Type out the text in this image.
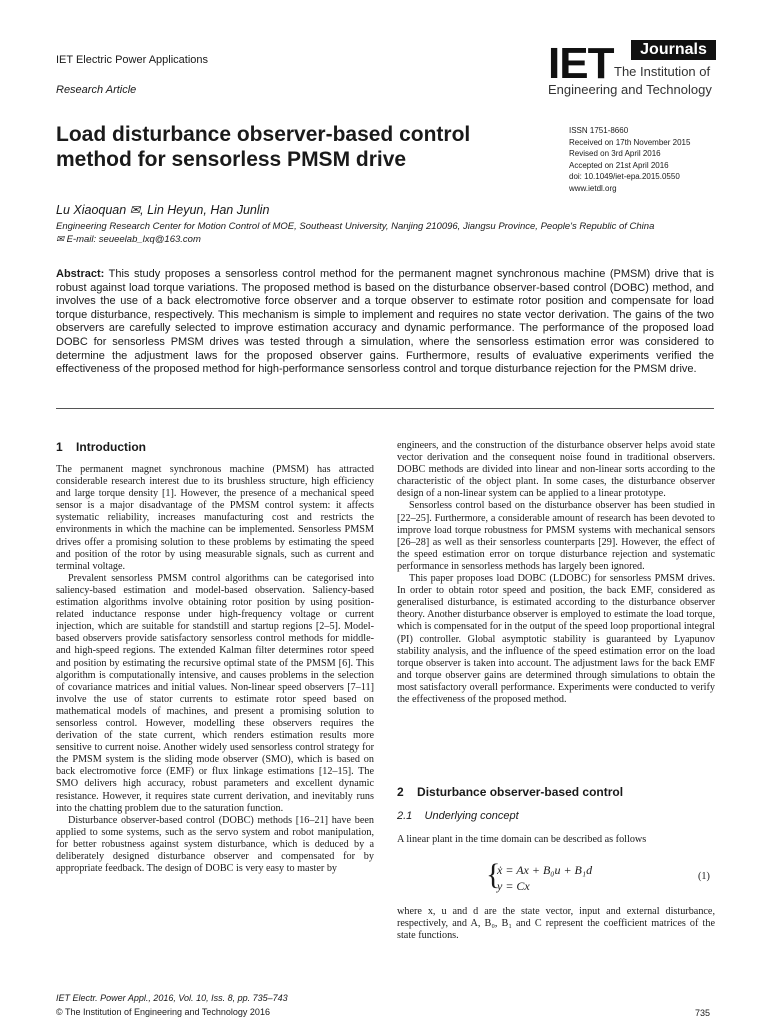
IET Electric Power Applications
Research Article
IET	Journals
The Institution of
Engineering and Technology
Load disturbance observer-based control method for sensorless PMSM drive
ISSN 1751-8660
Received on 17th November 2015
Revised on 3rd April 2016
Accepted on 21st April 2016
doi: 10.1049/iet-epa.2015.0550
www.ietdl.org
Lu Xiaoquan ✉, Lin Heyun, Han Junlin
Engineering Research Center for Motion Control of MOE, Southeast University, Nanjing 210096, Jiangsu Province, People's Republic of China
✉ E-mail: seueelab_lxq@163.com
Abstract: This study proposes a sensorless control method for the permanent magnet synchronous machine (PMSM) drive that is robust against load torque variations. The proposed method is based on the disturbance observer-based control (DOBC) method, and involves the use of a back electromotive force observer and a torque observer to estimate rotor position and compensate for load torque disturbance, respectively. This mechanism is simple to implement and requires no state vector derivation. The gains of the two observers are carefully selected to improve estimation accuracy and dynamic performance. The performance of the proposed load DOBC for sensorless PMSM drives was tested through a simulation, where the sensorless estimation error was considered to determine the adjustment laws for the proposed observer gains. Furthermore, results of evaluative experiments verified the effectiveness of the proposed method for high-performance sensorless control and torque disturbance rejection for the PMSM drive.
1 Introduction

The permanent magnet synchronous machine (PMSM) has attracted considerable research interest due to its brushless structure, high efficiency and large torque density [1]. However, the presence of a mechanical speed sensor is a major disadvantage of the PMSM control system: it affects systematic reliability, increases manufacturing cost and restricts the environments in which the machine can be implemented. Sensorless PMSM drives offer a promising solution to these problems by estimating the speed and position of the rotor by using measurable signals, such as current and terminal voltage.

Prevalent sensorless PMSM control algorithms can be categorised into saliency-based estimation and model-based observation. Saliency-based estimation algorithms involve obtaining rotor position by using position-related inductance response under high-frequency voltage or current injection, which are suitable for standstill and startup regions [2–5]. Model-based observers provide satisfactory sensorless control methods for middle- and high-speed regions. The extended Kalman filter determines rotor speed and position by estimating the recursive optimal state of the PMSM [6]. This algorithm is computationally intensive, and causes problems in the selection of covariance matrices and initial values. Non-linear speed observers [7–11] involve the use of stator currents to estimate rotor speed based on mathematical models of machines, and present a promising solution to sensorless control. However, modelling these observers requires the derivation of the state current, which renders estimation results more sensitive to current noise. Another widely used sensorless control strategy for the PMSM system is the sliding mode observer (SMO), which is based on back electromotive force (EMF) or flux linkage estimations [12–15]. The SMO delivers high accuracy, robust parameters and excellent dynamic resistance. However, it requires state current derivation, and inevitably runs into the chatting problem due to the saturation function.

Disturbance observer-based control (DOBC) methods [16–21] have been applied to some systems, such as the servo system and robot manipulation, for better robustness against system disturbance, which is deduced by a deliberately designed disturbance observer and compensated for by appropriate feedback. The design of DOBC is very easy to master by

engineers, and the construction of the disturbance observer helps avoid state vector derivation and the consequent noise found in traditional observers. DOBC methods are divided into linear and non-linear sorts according to the characteristic of the object plant. In some cases, the disturbance observer design of a non-linear system can be applied to a linear prototype.

Sensorless control based on the disturbance observer has been studied in [22–25]. Furthermore, a considerable amount of research has been devoted to improve load torque robustness for PMSM systems with mechanical sensors [26–28] as well as their sensorless counterparts [29]. However, the effect of the speed estimation error on torque disturbance rejection and systematic performance in sensorless methods has largely been ignored.

This paper proposes load DOBC (LDOBC) for sensorless PMSM drives. In order to obtain rotor speed and position, the back EMF, considered as generalised disturbance, is estimated according to the disturbance observer theory. Another disturbance observer is employed to estimate the load torque, which is compensated for in the output of the speed loop proportional integral (PI) controller. Global asymptotic stability is guaranteed by Lyapunov stability analysis, and the influence of the speed estimation error on the load torque observer is taken into account. The adjustment laws for the back EMF and torque observer gains are determined through simulations to obtain the most satisfactory overall performance. Experiments were conducted to verify the effectiveness of the proposed method.

2 Disturbance observer-based control
2.1 Underlying concept
A linear plant in the time domain can be described as follows
{
ẋ = Ax + B₀u + B₁d
y = Cx
(1)
where x, u and d are the state vector, input and external disturbance, respectively, and A, B₀, B₁ and C represent the coefficient matrices of the state functions.
IET Electr. Power Appl., 2016, Vol. 10, Iss. 8, pp. 735–743
© The Institution of Engineering and Technology 2016	735
